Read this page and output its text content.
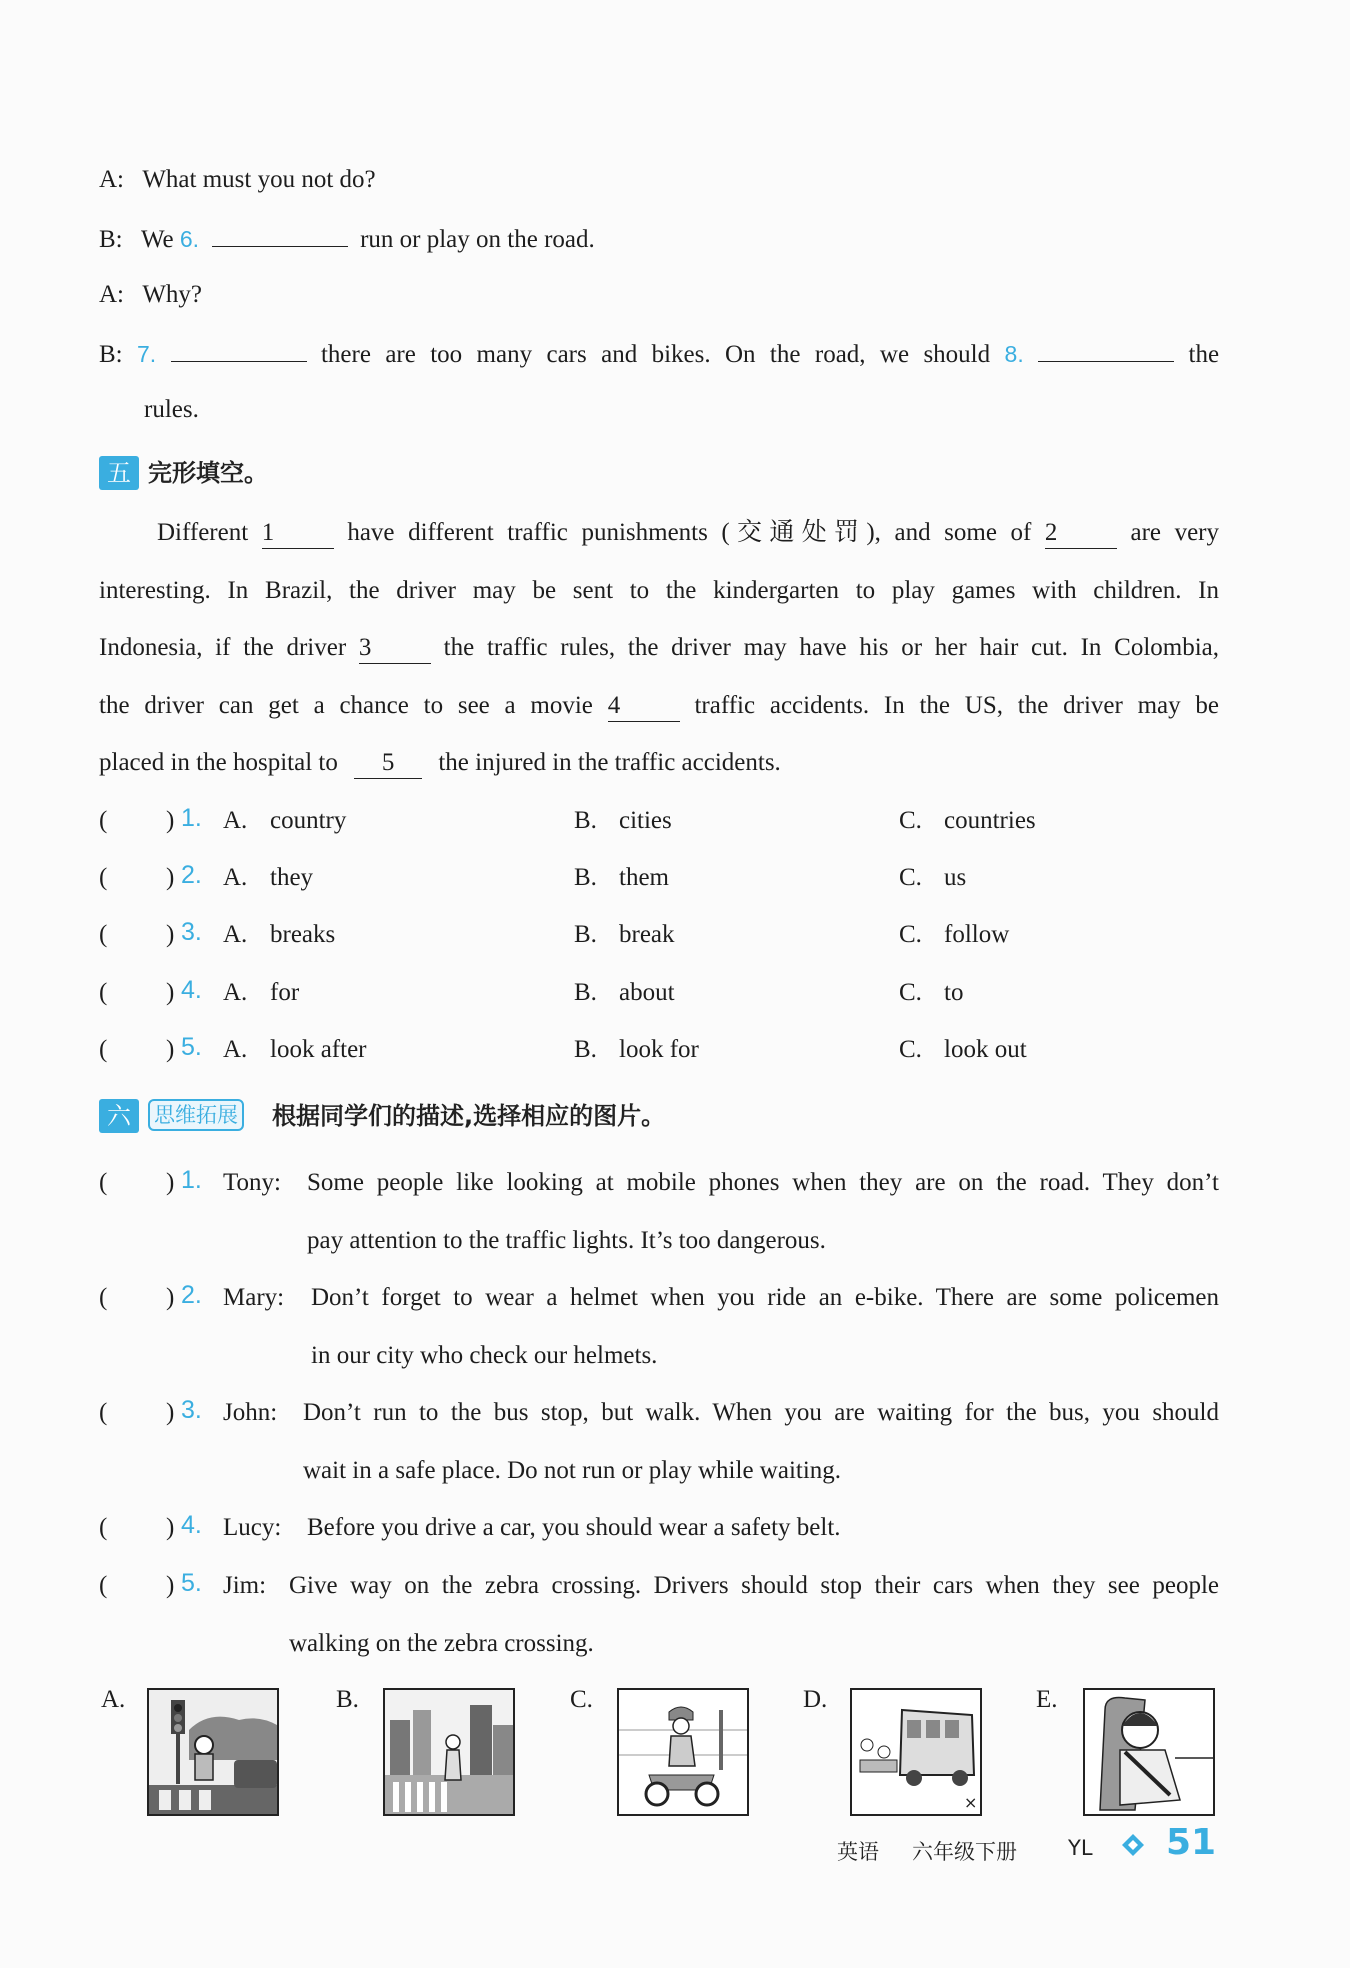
A: What must you not do?
B: We 6.	run or play on the road.
A: Why?
B: 7.	there are too many cars and bikes. On the road, we should 8.	the
rules.
五 完形填空。
Different 1	have different traffic punishments (交通处罚), and some of 2	are very
interesting. In Brazil, the driver may be sent to the kindergarten to play games with children. In
Indonesia, if the driver 3	the traffic rules, the driver may have his or her hair cut. In Colombia,
the driver can get a chance to see a movie 4	traffic accidents. In the US, the driver may be
placed in the hospital to 5 the injured in the traffic accidents.
( ) 1. A. country	B. cities	C. countries
( ) 2. A. they	B. them	C. us
( ) 3. A. breaks	B. break	C. follow
( ) 4. A. for	B. about	C. to
( ) 5. A. look after	B. look for	C. look out
六	思维拓展 根据同学们的描述,选择相应的图片。
( ) 1. Tony: Some people like looking at mobile phones when they are on the road. They don’t
pay attention to the traffic lights. It’s too dangerous.
( ) 2. Mary: Don’t forget to wear a helmet when you ride an e-bike. There are some policemen
in our city who check our helmets.
( ) 3. John: Don’t run to the bus stop, but walk. When you are waiting for the bus, you should
wait in a safe place. Do not run or play while waiting.
( ) 4. Lucy: Before you drive a car, you should wear a safety belt.
( ) 5. Jim: Give way on the zebra crossing. Drivers should stop their cars when they see people
walking on the zebra crossing.
A.	B.	C.	D.
×
E.
英语 六年级下册 YL 51
